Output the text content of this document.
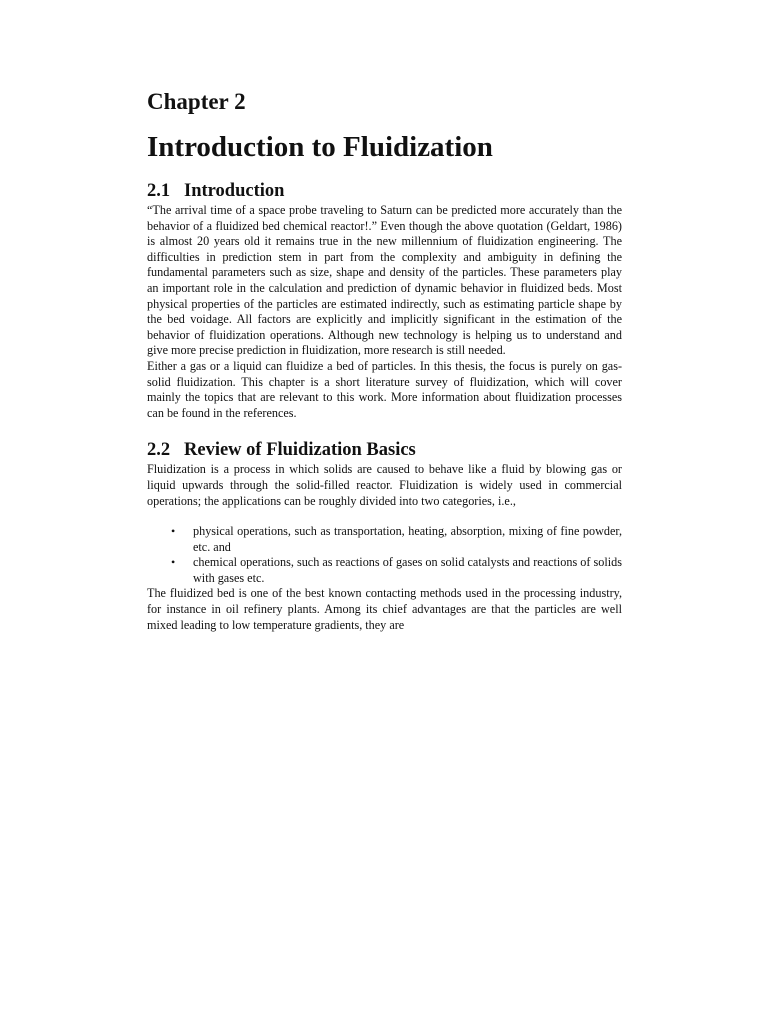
Chapter 2
Introduction to Fluidization
2.1 Introduction

“The arrival time of a space probe traveling to Saturn can be predicted more accurately than the behavior of a fluidized bed chemical reactor!.” Even though the above quotation (Geldart, 1986) is almost 20 years old it remains true in the new millennium of fluidization engineering. The difficulties in prediction stem in part from the complexity and ambiguity in defining the fundamental parameters such as size, shape and density of the particles. These parameters play an important role in the calculation and prediction of dynamic behavior in fluidized beds. Most physical properties of the particles are estimated indirectly, such as estimating particle shape by the bed voidage. All factors are explicitly and implicitly significant in the estimation of the behavior of fluidization operations. Although new technology is helping us to understand and give more precise prediction in fluidization, more research is still needed.

Either a gas or a liquid can fluidize a bed of particles. In this thesis, the focus is purely on gas-solid fluidization. This chapter is a short literature survey of fluidization, which will cover mainly the topics that are relevant to this work. More information about fluidization processes can be found in the references.

2.2 Review of Fluidization Basics

Fluidization is a process in which solids are caused to behave like a fluid by blowing gas or liquid upwards through the solid-filled reactor. Fluidization is widely used in commercial operations; the applications can be roughly divided into two categories, i.e.,

• physical operations, such as transportation, heating, absorption, mixing of fine powder, etc. and
• chemical operations, such as reactions of gases on solid catalysts and reactions of solids with gases etc.

The fluidized bed is one of the best known contacting methods used in the processing industry, for instance in oil refinery plants. Among its chief advantages are that the particles are well mixed leading to low temperature gradients, they are
